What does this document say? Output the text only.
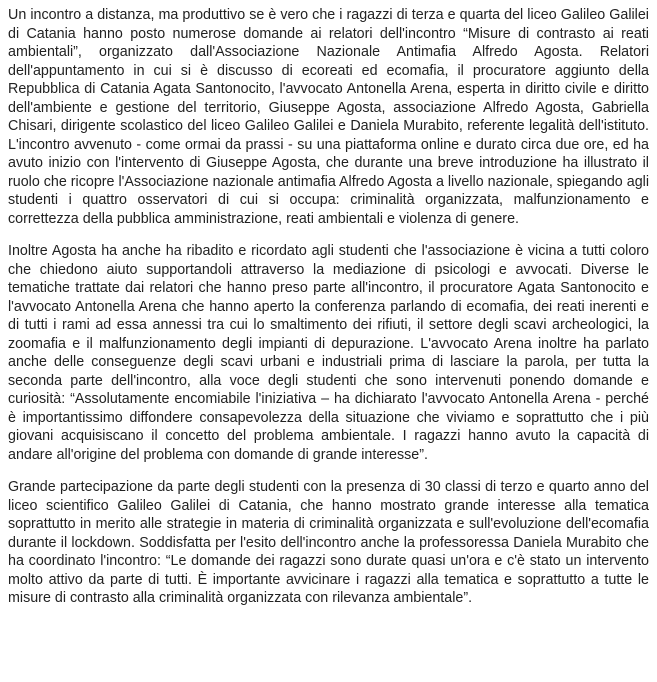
Un incontro a distanza, ma produttivo se è vero che i ragazzi di terza e quarta del liceo Galileo Galilei di Catania hanno posto numerose domande ai relatori dell'incontro “Misure di contrasto ai reati ambientali”, organizzato dall'Associazione Nazionale Antimafia Alfredo Agosta. Relatori dell'appuntamento in cui si è discusso di ecoreati ed ecomafia, il procuratore aggiunto della Repubblica di Catania Agata Santonocito, l'avvocato Antonella Arena, esperta in diritto civile e diritto dell'ambiente e gestione del territorio, Giuseppe Agosta, associazione Alfredo Agosta, Gabriella Chisari, dirigente scolastico del liceo Galileo Galilei e Daniela Murabito, referente legalità dell'istituto. L'incontro avvenuto - come ormai da prassi - su una piattaforma online e durato circa due ore, ed ha avuto inizio con l'intervento di Giuseppe Agosta, che durante una breve introduzione ha illustrato il ruolo che ricopre l'Associazione nazionale antimafia Alfredo Agosta a livello nazionale, spiegando agli studenti i quattro osservatori di cui si occupa: criminalità organizzata, malfunzionamento e correttezza della pubblica amministrazione, reati ambientali e violenza di genere.

Inoltre Agosta ha anche ha ribadito e ricordato agli studenti che l'associazione è vicina a tutti coloro che chiedono aiuto supportandoli attraverso la mediazione di psicologi e avvocati. Diverse le tematiche trattate dai relatori che hanno preso parte all'incontro, il procuratore Agata Santonocito e l'avvocato Antonella Arena che hanno aperto la conferenza parlando di ecomafia, dei reati inerenti e di tutti i rami ad essa annessi tra cui lo smaltimento dei rifiuti, il settore degli scavi archeologici, la zoomafia e il malfunzionamento degli impianti di depurazione. L'avvocato Arena inoltre ha parlato anche delle conseguenze degli scavi urbani e industriali prima di lasciare la parola, per tutta la seconda parte dell'incontro, alla voce degli studenti che sono intervenuti ponendo domande e curiosità: “Assolutamente encomiabile l'iniziativa – ha dichiarato l'avvocato Antonella Arena - perché è importantissimo diffondere consapevolezza della situazione che viviamo e soprattutto che i più giovani acquisiscano il concetto del problema ambientale. I ragazzi hanno avuto la capacità di andare all'origine del problema con domande di grande interesse”.

Grande partecipazione da parte degli studenti con la presenza di 30 classi di terzo e quarto anno del liceo scientifico Galileo Galilei di Catania, che hanno mostrato grande interesse alla tematica soprattutto in merito alle strategie in materia di criminalità organizzata e sull'evoluzione dell'ecomafia durante il lockdown. Soddisfatta per l'esito dell'incontro anche la professoressa Daniela Murabito che ha coordinato l'incontro: “Le domande dei ragazzi sono durate quasi un'ora e c'è stato un intervento molto attivo da parte di tutti. È importante avvicinare i ragazzi alla tematica e soprattutto a tutte le misure di contrasto alla criminalità organizzata con rilevanza ambientale”.
